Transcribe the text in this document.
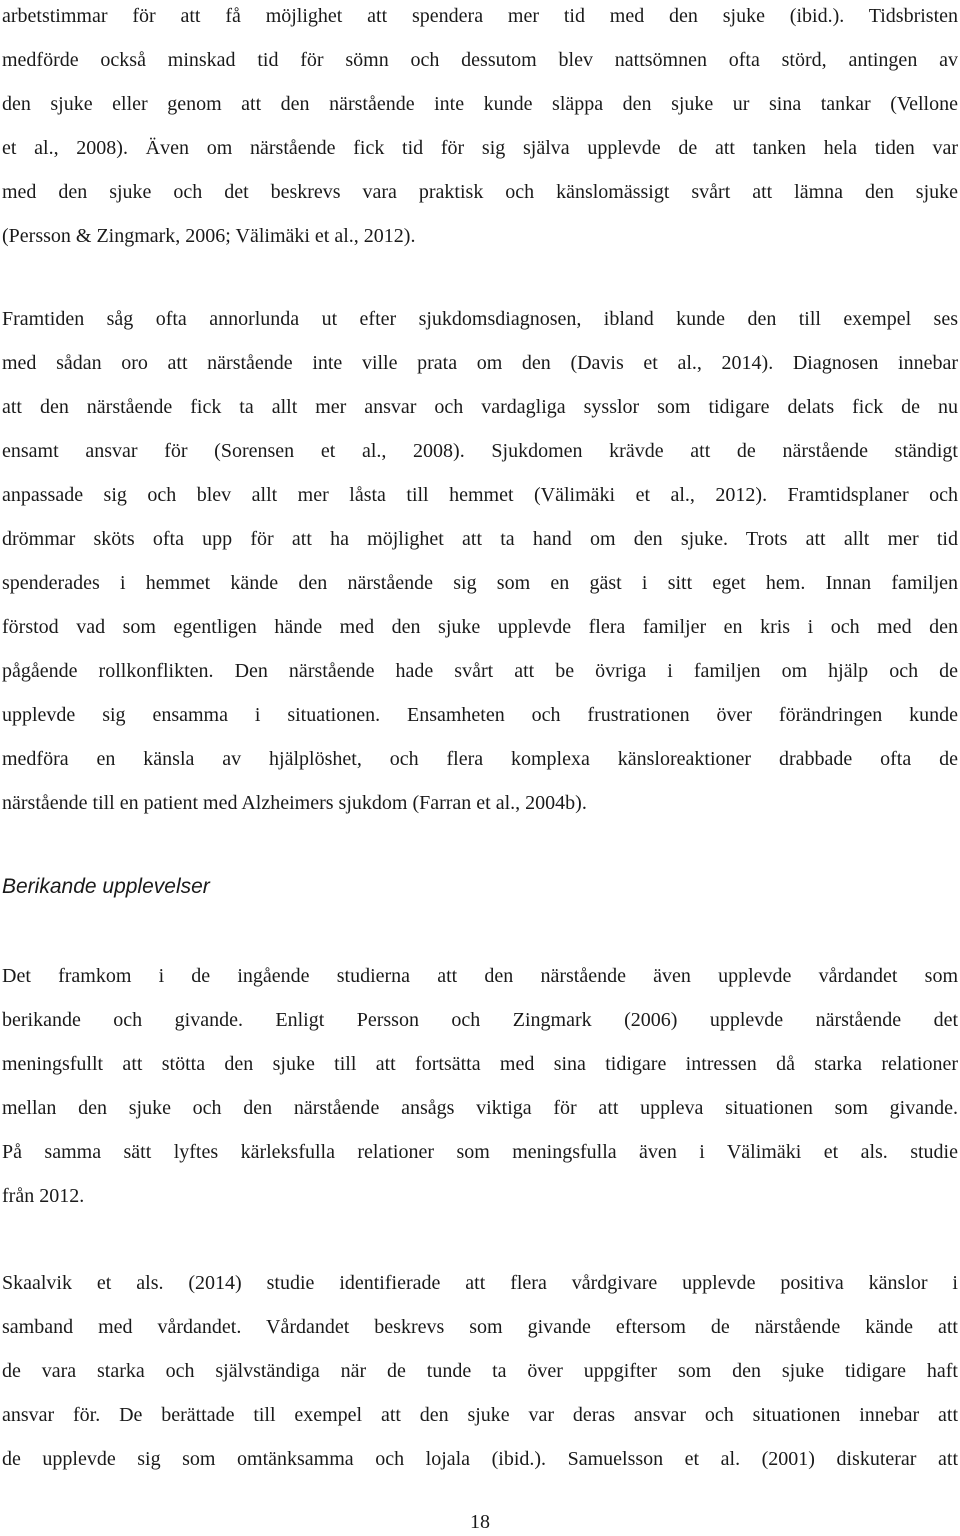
arbetstimmar för att få möjlighet att spendera mer tid med den sjuke (ibid.). Tidsbristen
medförde också minskad tid för sömn och dessutom blev nattsömnen ofta störd, antingen av
den sjuke eller genom att den närstående inte kunde släppa den sjuke ur sina tankar (Vellone
et al., 2008). Även om närstående fick tid för sig själva upplevde de att tanken hela tiden var
med den sjuke och det beskrevs vara praktisk och känslomässigt svårt att lämna den sjuke
(Persson & Zingmark, 2006; Välimäki et al., 2012).
Framtiden såg ofta annorlunda ut efter sjukdomsdiagnosen, ibland kunde den till exempel ses
med sådan oro att närstående inte ville prata om den (Davis et al., 2014). Diagnosen innebar
att den närstående fick ta allt mer ansvar och vardagliga sysslor som tidigare delats fick de nu
ensamt ansvar för (Sorensen et al., 2008). Sjukdomen krävde att de närstående ständigt
anpassade sig och blev allt mer låsta till hemmet (Välimäki et al., 2012). Framtidsplaner och
drömmar sköts ofta upp för att ha möjlighet att ta hand om den sjuke. Trots att allt mer tid
spenderades i hemmet kände den närstående sig som en gäst i sitt eget hem. Innan familjen
förstod vad som egentligen hände med den sjuke upplevde flera familjer en kris i och med den
pågående rollkonflikten. Den närstående hade svårt att be övriga i familjen om hjälp och de
upplevde sig ensamma i situationen. Ensamheten och frustrationen över förändringen kunde
medföra en känsla av hjälplöshet, och flera komplexa känsloreaktioner drabbade ofta de
närstående till en patient med Alzheimers sjukdom (Farran et al., 2004b).
Berikande upplevelser
Det framkom i de ingående studierna att den närstående även upplevde vårdandet som
berikande och givande. Enligt Persson och Zingmark (2006) upplevde närstående det
meningsfullt att stötta den sjuke till att fortsätta med sina tidigare intressen då starka relationer
mellan den sjuke och den närstående ansågs viktiga för att uppleva situationen som givande.
På samma sätt lyftes kärleksfulla relationer som meningsfulla även i Välimäki et als. studie
från 2012.
Skaalvik et als. (2014) studie identifierade att flera vårdgivare upplevde positiva känslor i
samband med vårdandet. Vårdandet beskrevs som givande eftersom de närstående kände att
de vara starka och självständiga när de tunde ta över uppgifter som den sjuke tidigare haft
ansvar för. De berättade till exempel att den sjuke var deras ansvar och situationen innebar att
de upplevde sig som omtänksamma och lojala (ibid.). Samuelsson et al. (2001) diskuterar att
18
